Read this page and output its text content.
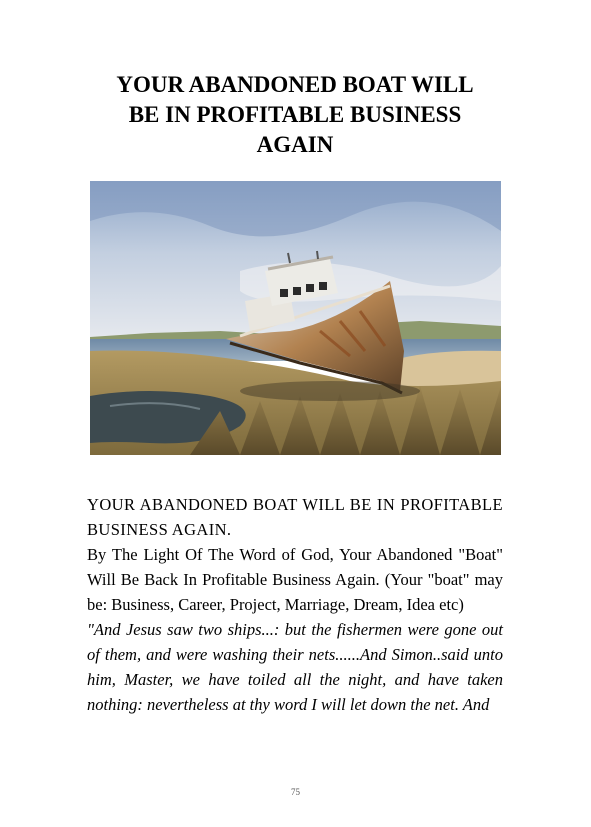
YOUR ABANDONED BOAT WILL
BE IN PROFITABLE BUSINESS
AGAIN

YOUR ABANDONED BOAT WILL BE IN PROFITABLE BUSINESS AGAIN.

By The Light Of The Word of God, Your Abandoned "Boat" Will Be Back In Profitable Business Again. (Your "boat" may be: Business, Career, Project, Marriage, Dream, Idea etc)

"And Jesus saw two ships...: but the fishermen were gone out of them, and were washing their nets......And Simon..said unto him, Master, we have toiled all the night, and have taken nothing: nevertheless at thy word I will let down the net. And

75
